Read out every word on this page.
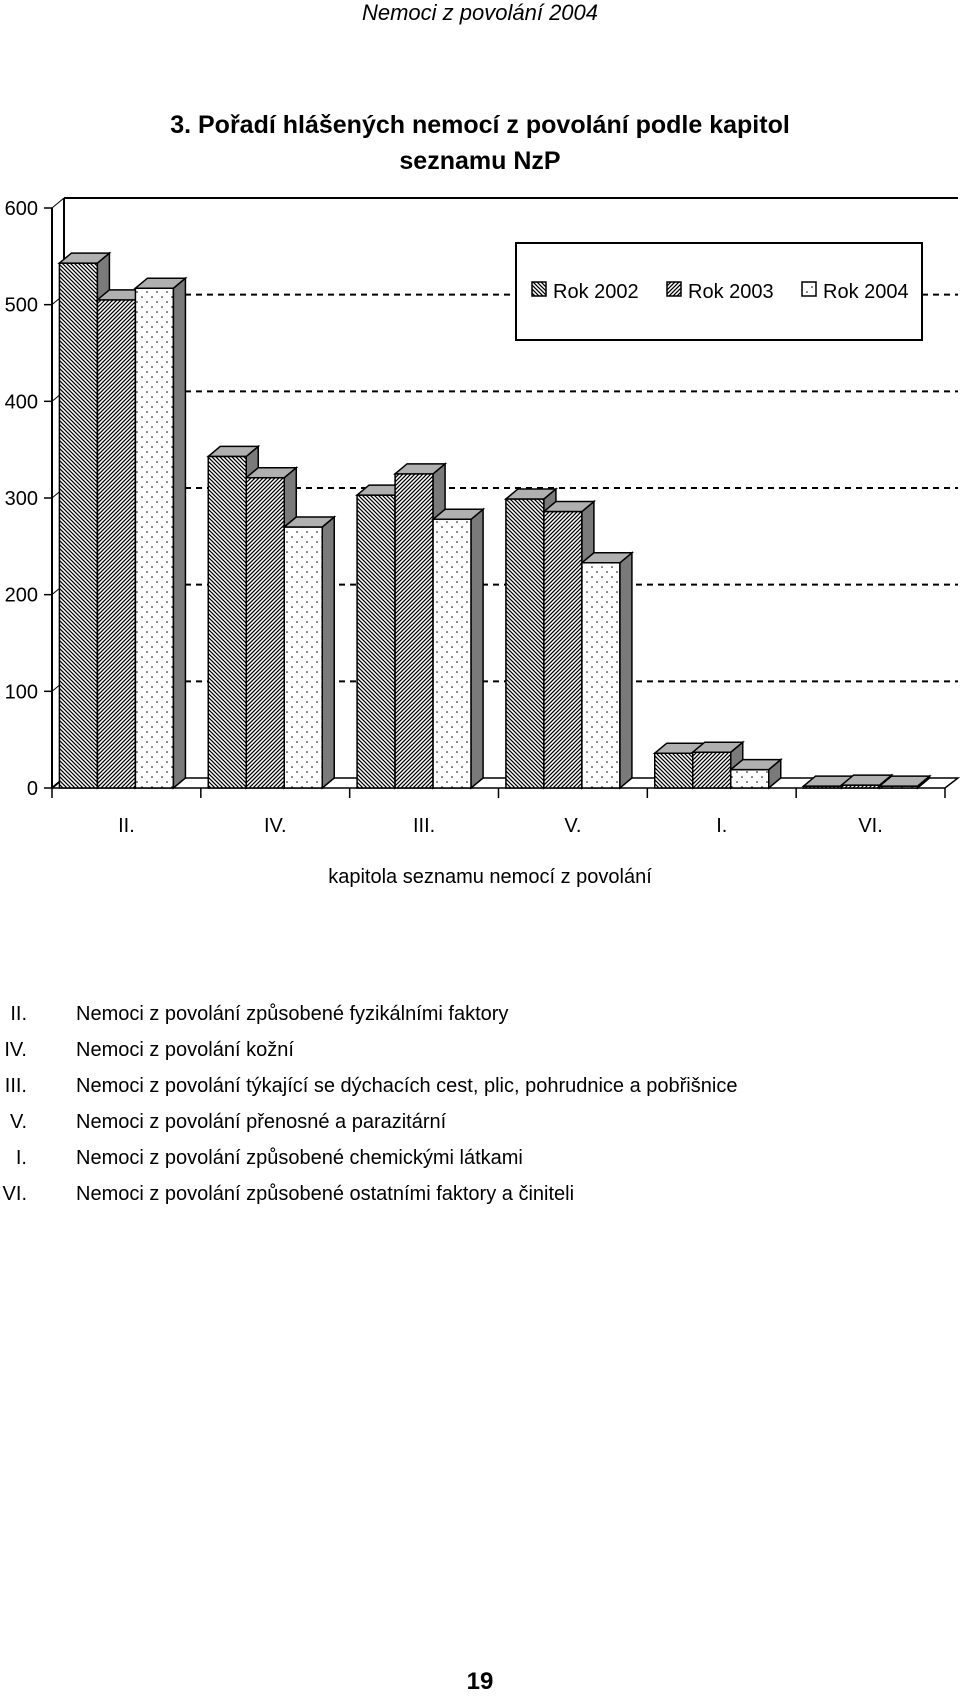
Nemoci z povolání 2004
3. Pořadí hlášených nemocí z povolání podle kapitol
seznamu NzP
0
100
200
300
400
500
600
II.	IV.	III.	V.	I.	VI.
kapitola seznamu nemocí z povolání
Rok 2002 Rok 2003 Rok 2004
II. Nemoci z povolání způsobené fyzikálními faktory
IV. Nemoci z povolání kožní
III. Nemoci z povolání týkající se dýchacích cest, plic, pohrudnice a pobřišnice
V. Nemoci z povolání přenosné a parazitární
I. Nemoci z povolání způsobené chemickými látkami
VI. Nemoci z povolání způsobené ostatními faktory a činiteli
19
